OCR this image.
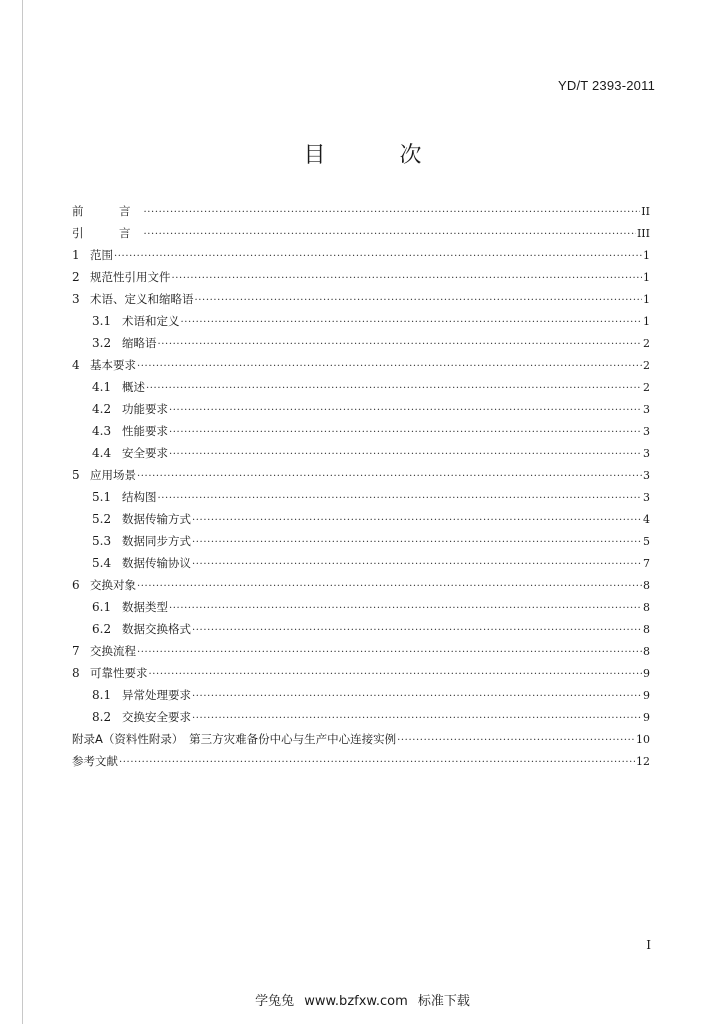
YD/T 2393-2011
目　次
前　言 ·····	II
引　言 ·····	III
1 范围 ·····	1
2 规范性引用文件 ·····	1
3 术语、定义和缩略语 ·····	1
3.1 术语和定义 ·····	1
3.2 缩略语 ·····	2
4 基本要求 ·····	2
4.1 概述 ·····	2
4.2 功能要求 ·····	3
4.3 性能要求 ·····	3
4.4 安全要求 ·····	3
5 应用场景 ·····	3
5.1 结构图 ·····	3
5.2 数据传输方式 ·····	4
5.3 数据同步方式 ·····	5
5.4 数据传输协议 ·····	7
6 交换对象 ·····	8
6.1 数据类型 ·····	8
6.2 数据交换格式 ·····	8
7 交换流程 ·····	8
8 可靠性要求 ·····	9
8.1 异常处理要求 ·····	9
8.2 交换安全要求 ·····	9
附录A（资料性附录）　第三方灾难备份中心与生产中心连接实例 ·····	10
参考文献 ·····	12
I
学兔兔 www.bzfxw.com 标准下载
